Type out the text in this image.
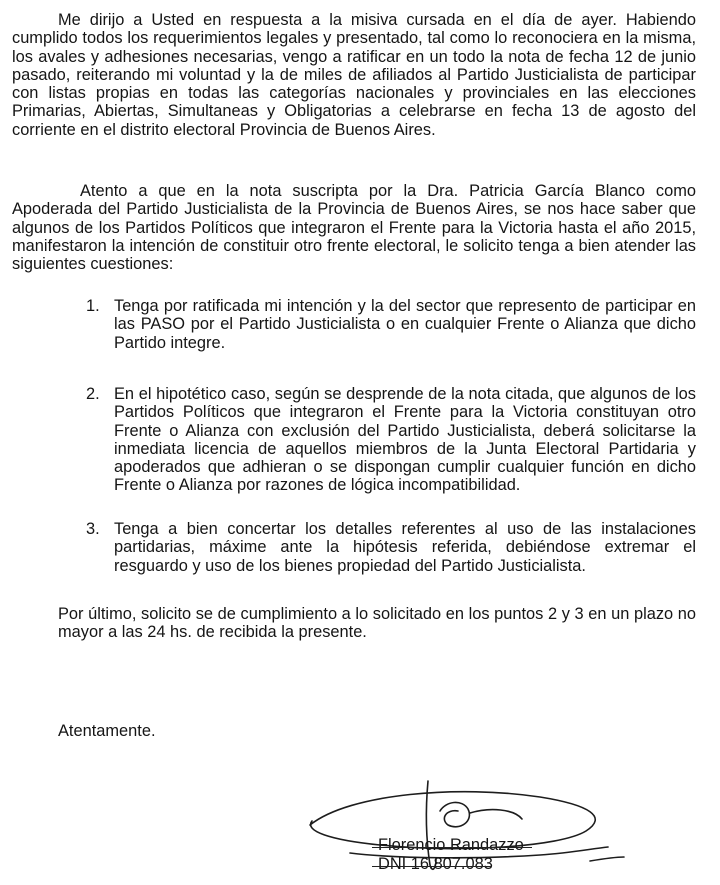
Me dirijo a Usted en respuesta a la misiva cursada en el día de ayer. Habiendo cumplido todos los requerimientos legales y presentado, tal como lo reconociera en la misma, los avales y adhesiones necesarias, vengo a ratificar en un todo la nota de fecha 12 de junio pasado, reiterando mi voluntad y la de miles de afiliados al Partido Justicialista de participar con listas propias en todas las categorías nacionales y provinciales en las elecciones Primarias, Abiertas, Simultaneas y Obligatorias a celebrarse en fecha 13 de agosto del corriente en el distrito electoral Provincia de Buenos Aires.

Atento a que en la nota suscripta por la Dra. Patricia García Blanco como Apoderada del Partido Justicialista de la Provincia de Buenos Aires, se nos hace saber que algunos de los Partidos Políticos que integraron el Frente para la Victoria hasta el año 2015, manifestaron la intención de constituir otro frente electoral, le solicito tenga a bien atender las siguientes cuestiones:

1. Tenga por ratificada mi intención y la del sector que represento de participar en las PASO por el Partido Justicialista o en cualquier Frente o Alianza que dicho Partido integre.

2. En el hipotético caso, según se desprende de la nota citada, que algunos de los Partidos Políticos que integraron el Frente para la Victoria constituyan otro Frente o Alianza con exclusión del Partido Justicialista, deberá solicitarse la inmediata licencia de aquellos miembros de la Junta Electoral Partidaria y apoderados que adhieran o se dispongan cumplir cualquier función en dicho Frente o Alianza por razones de lógica incompatibilidad.

3. Tenga a bien concertar los detalles referentes al uso de las instalaciones partidarias, máxime ante la hipótesis referida, debiéndose extremar el resguardo y uso de los bienes propiedad del Partido Justicialista.

Por último, solicito se de cumplimiento a lo solicitado en los puntos 2 y 3 en un plazo no mayor a las 24 hs. de recibida la presente.

Atentamente.

Florencio Randazzo

DNI 16.807.083
